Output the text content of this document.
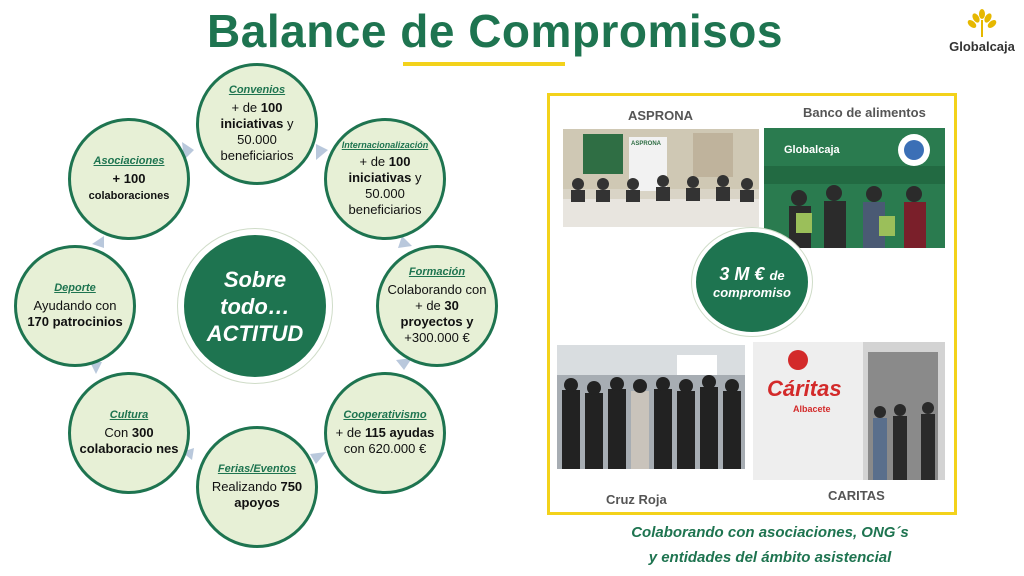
Balance de Compromisos	Globalcaja
Convenios
+ de 100 iniciativas y 50.000 beneficiarios
Internacionalización
+ de 100 iniciativas y 50.000 beneficiarios
Formación
Colaborando con + de 30 proyectos y +300.000 €
Cooperativismo
+ de 115 ayudas con 620.000 €
Ferias/Eventos
Realizando 750 apoyos
Cultura
Con 300 colaboracio nes
Deporte
Ayudando con 170 patrocinios
Asociaciones
+ 100
colaboraciones
Sobre
todo…
ACTITUD
ASPRONA	Banco de alimentos
Cruz Roja	CARITAS
ASPRONA	Globalcaja
Cáritas
Albacete
3 M € de
compromiso
Colaborando con asociaciones, ONG´s
y entidades del ámbito asistencial
